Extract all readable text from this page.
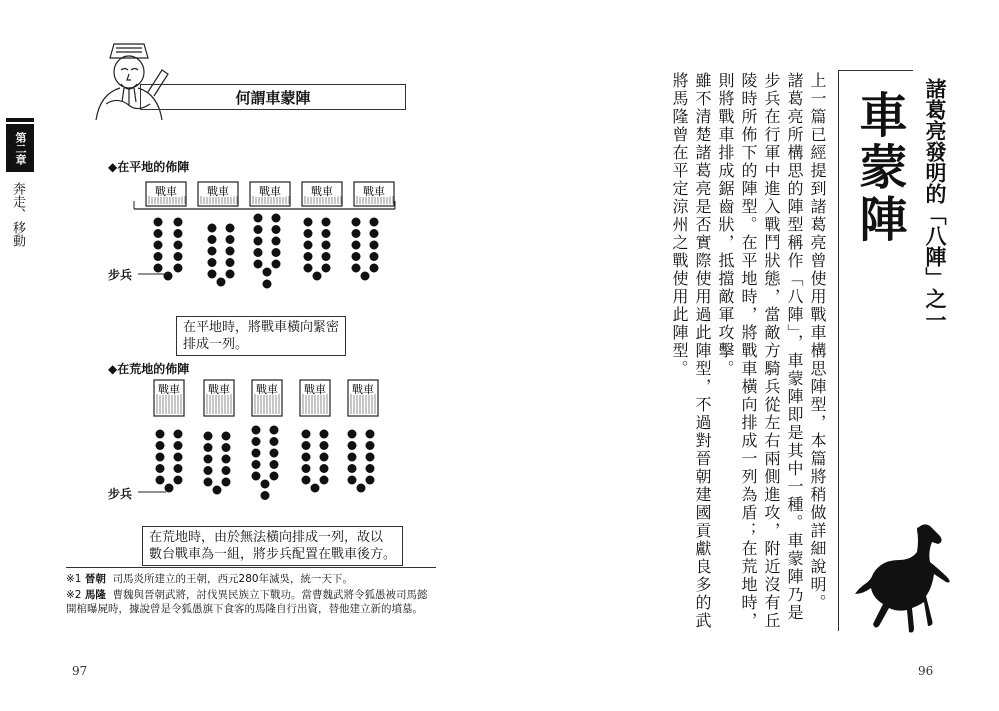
第二章
奔走、移動
何謂車蒙陣
◆在平地的佈陣
戰車	戰車	戰車	戰車	戰車
步兵
在平地時，將戰車橫向緊密
排成一列。
◆在荒地的佈陣
戰車	戰車 戰車 戰車 戰車
步兵
在荒地時，由於無法橫向排成一列，故以
數台戰車為一組，將步兵配置在戰車後方。
※1 晉朝 司馬炎所建立的王朝，西元280年滅吳，統一天下。
※2 馬隆 曹魏與晉朝武將，討伐異民族立下戰功。當曹魏武將令狐愚被司馬懿開棺曝屍時，據說曾是令狐愚旗下食客的馬隆自行出資，替他建立新的墳墓。
97
車蒙陣 諸葛亮發明的「八陣」之一

上一篇已經提到諸葛亮曾使用戰車構思陣型，本篇將稍做詳細說明。

諸葛亮所構思的陣型稱作「八陣」，車蒙陣即是其中一種。車蒙陣乃是步兵在行軍中進入戰鬥狀態，當敵方騎兵從左右兩側進攻，附近沒有丘陵時所佈下的陣型。在平地時，將戰車橫向排成一列為盾；在荒地時，則將戰車排成鋸齒狀，抵擋敵軍攻擊。

雖不清楚諸葛亮是否實際使用過此陣型，不過對晉朝建國貢獻良多的武將馬隆曾在平定涼州之戰使用此陣型。

96
